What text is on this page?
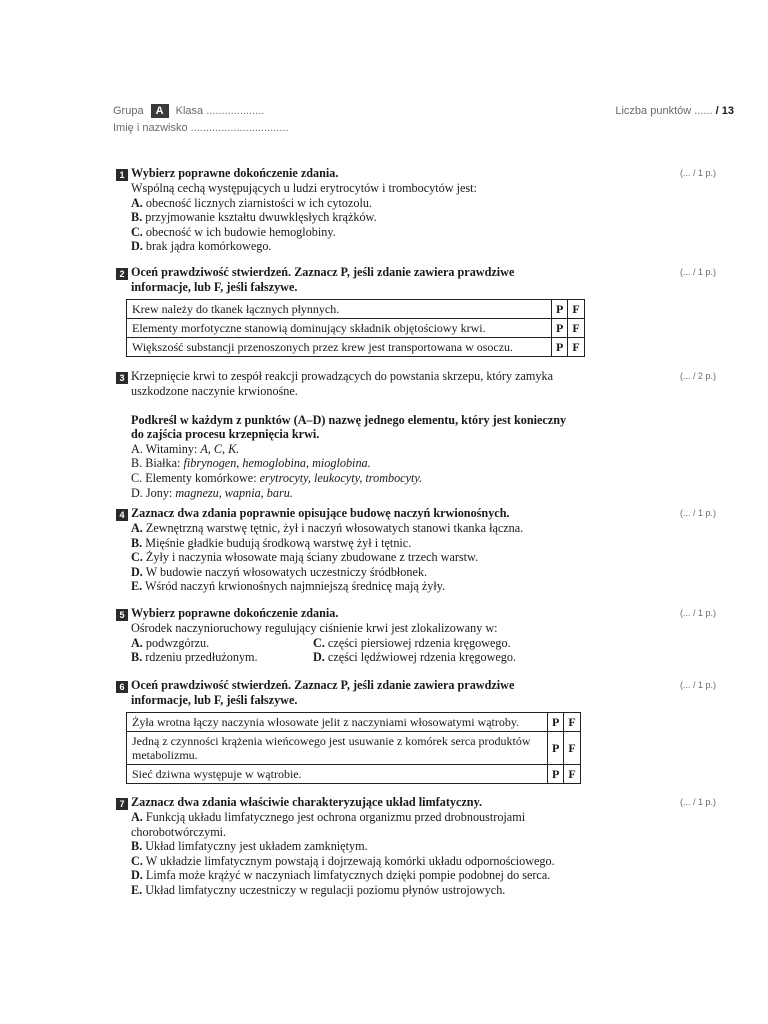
Grupa A Klasa ...................
Imię i nazwisko ................................
Liczba punktów ...... / 13
(... / 1 p.)
1 Wybierz poprawne dokończenie zdania.
Wspólną cechą występujących u ludzi erytrocytów i trombocytów jest:
A. obecność licznych ziarnistości w ich cytozolu.
B. przyjmowanie kształtu dwuwklęsłych krążków.
C. obecność w ich budowie hemoglobiny.
D. brak jądra komórkowego.
(... / 1 p.)
2 Oceń prawdziwość stwierdzeń. Zaznacz P, jeśli zdanie zawiera prawdziwe
informacje, lub F, jeśli fałszywe.
Krew należy do tkanek łącznych płynnych.	P	F
Elementy morfotyczne stanowią dominujący składnik objętościowy krwi.	P	F
Większość substancji przenoszonych przez krew jest transportowana w osoczu.	P	F
(... / 2 p.)
3 Krzepnięcie krwi to zespół reakcji prowadzących do powstania skrzepu, który zamyka
uszkodzone naczynie krwionośne.
Podkreśl w każdym z punktów (A–D) nazwę jednego elementu, który jest konieczny
do zajścia procesu krzepnięcia krwi.
A. Witaminy: A, C, K.
B. Białka: fibrynogen, hemoglobina, mioglobina.
C. Elementy komórkowe: erytrocyty, leukocyty, trombocyty.
D. Jony: magnezu, wapnia, baru.
(... / 1 p.)
4 Zaznacz dwa zdania poprawnie opisujące budowę naczyń krwionośnych.
A. Zewnętrzną warstwę tętnic, żył i naczyń włosowatych stanowi tkanka łączna.
B. Mięśnie gładkie budują środkową warstwę żył i tętnic.
C. Żyły i naczynia włosowate mają ściany zbudowane z trzech warstw.
D. W budowie naczyń włosowatych uczestniczy śródbłonek.
E. Wśród naczyń krwionośnych najmniejszą średnicę mają żyły.
(... / 1 p.)
5 Wybierz poprawne dokończenie zdania.
Ośrodek naczynioruchowy regulujący ciśnienie krwi jest zlokalizowany w:
A. podwzgórzu.	C. części piersiowej rdzenia kręgowego.
B. rdzeniu przedłużonym.	D. części lędźwiowej rdzenia kręgowego.
(... / 1 p.)
6 Oceń prawdziwość stwierdzeń. Zaznacz P, jeśli zdanie zawiera prawdziwe
informacje, lub F, jeśli fałszywe.
Żyła wrotna łączy naczynia włosowate jelit z naczyniami włosowatymi wątroby.	P	F
Jedną z czynności krążenia wieńcowego jest usuwanie z komórek serca produktów metabolizmu.	P	F
Sieć dziwna występuje w wątrobie.	P	F
(... / 1 p.)
7 Zaznacz dwa zdania właściwie charakteryzujące układ limfatyczny.
A. Funkcją układu limfatycznego jest ochrona organizmu przed drobnoustrojami chorobotwórczymi.
B. Układ limfatyczny jest układem zamkniętym.
C. W układzie limfatycznym powstają i dojrzewają komórki układu odpornościowego.
D. Limfa może krążyć w naczyniach limfatycznych dzięki pompie podobnej do serca.
E. Układ limfatyczny uczestniczy w regulacji poziomu płynów ustrojowych.
